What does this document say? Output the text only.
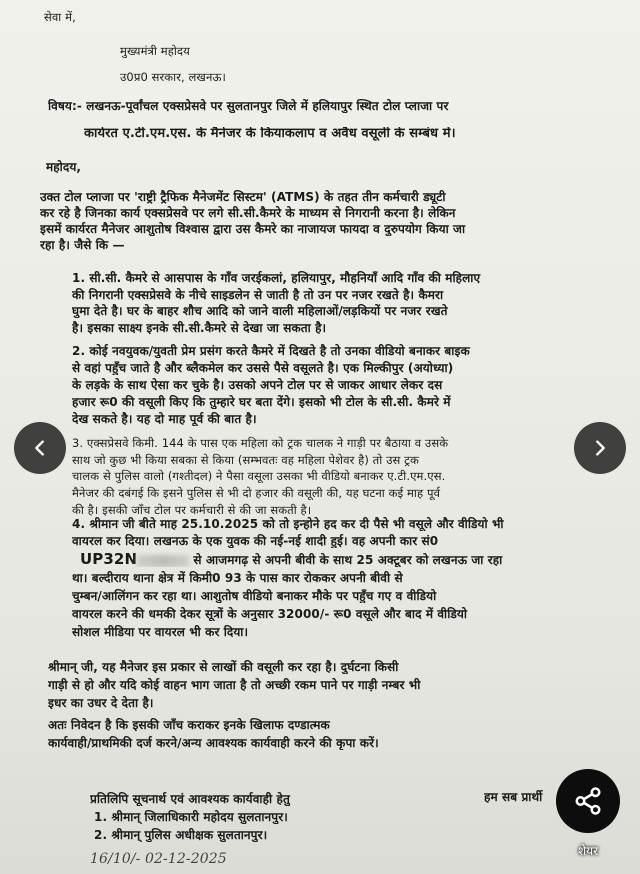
सेवा में,
मुख्यमंत्री महोदय
उ0प्र0 सरकार, लखनऊ।
विषय:- लखनऊ-पूर्वांचल एक्सप्रेसवे पर सुलतानपुर जिले में हलियापुर स्थित टोल प्लाजा पर
कार्यरत ए.टी.एम.एस. के मैनेजर के कियाकलाप व अवैध वसूली के सम्बंध में।
महोदय,
उक्त टोल प्लाजा पर 'राष्ट्री ट्रैफिक मैनेजमेंट सिस्टम' (ATMS) के तहत तीन कर्मचारी ड्यूटी
कर रहे है जिनका कार्य एक्सप्रेसवे पर लगे सी.सी.कैमरे के माध्यम से निगरानी करना है। लेकिन
इसमें कार्यरत मैनेजर आशुतोष विश्वास द्वारा उस कैमरे का नाजायज फायदा व दुरुपयोग किया जा
रहा है। जैसे कि —
1. सी.सी. कैमरे से आसपास के गाँव जरईकलां, हलियापुर, मौहनियाँ आदि गाँव की महिलाए
की निगरानी एक्सप्रेसवे के नीचे साइडलेन से जाती है तो उन पर नजर रखते है। कैमरा
घुमा देते है। घर के बाहर शौच आदि को जाने वाली महिलाओं/लड़कियों पर नजर रखते
है। इसका साक्ष्य इनके सी.सी.कैमरे से देखा जा सकता है।
2. कोई नवयुवक/युवती प्रेम प्रसंग करते कैमरे में दिखते है तो उनका वीडियो बनाकर बाइक
से वहां पहुँच जाते है और ब्लैकमेल कर उससे पैसे वसूलते है। एक मिल्कीपुर (अयोध्या)
के लड़के के साथ ऐसा कर चुके है। उसको अपने टोल पर से जाकर आधार लेकर दस
हजार रू0 की वसूली किए कि तुम्हारे घर बता देंगे। इसको भी टोल के सी.सी. कैमरे में
देख सकते है। यह दो माह पूर्व की बात है।
3. एक्सप्रेसवे किमी. 144 के पास एक महिला को ट्रक चालक ने गाड़ी पर बैठाया व उसके
साथ जो कुछ भी किया सबका से किया (सम्भवतः वह महिला पेशेवर है) तो उस ट्रक
चालक से पुलिस वालो (गश्तीदल) ने पैसा वसूला उसका भी वीडियो बनाकर ए.टी.एम.एस.
मैनेजर की दबंगई कि इसने पुलिस से भी दो हजार की वसूली की, यह घटना कई माह पूर्व
की है। इसकी जाँच टोल पर कर्मचारी से की जा सकती है।
4. श्रीमान जी बीते माह 25.10.2025 को तो इन्होने हद कर दी पैसे भी वसूले और वीडियो भी
वायरल कर दिया। लखनऊ के एक युवक की नई-नई शादी हुई। वह अपनी कार सं0
UP32N	से आजमगढ़ से अपनी बीवी के साथ 25 अक्टूबर को लखनऊ जा रहा
था। बल्दीराय थाना क्षेत्र में किमी0 93 के पास कार रोककर अपनी बीवी से
चुम्बन/आलिंगन कर रहा था। आशुतोष वीडियो बनाकर मौके पर पहुँच गए व वीडियो
वायरल करने की धमकी देकर सूत्रों के अनुसार 32000/- रू0 वसूले और बाद में वीडियो
सोशल मीडिया पर वायरल भी कर दिया।
श्रीमान् जी, यह मैनेजर इस प्रकार से लाखों की वसूली कर रहा है। दुर्घटना किसी
गाड़ी से हो और यदि कोई वाहन भाग जाता है तो अच्छी रकम पाने पर गाड़ी नम्बर भी
इधर का उधर दे देता है।
अतः निवेदन है कि इसकी जाँच कराकर इनके खिलाफ दण्डात्मक
कार्यवाही/प्राथमिकी दर्ज करने/अन्य आवश्यक कार्यवाही करने की कृपा करें।
प्रतिलिपि सूचनार्थ एवं आवश्यक कार्यवाही हेतु	हम सब प्रार्थी
1. श्रीमान् जिलाधिकारी महोदय सुलतानपुर।
2. श्रीमान् पुलिस अधीक्षक सुलतानपुर।
16/10/- 02-12-2025	शेयर
